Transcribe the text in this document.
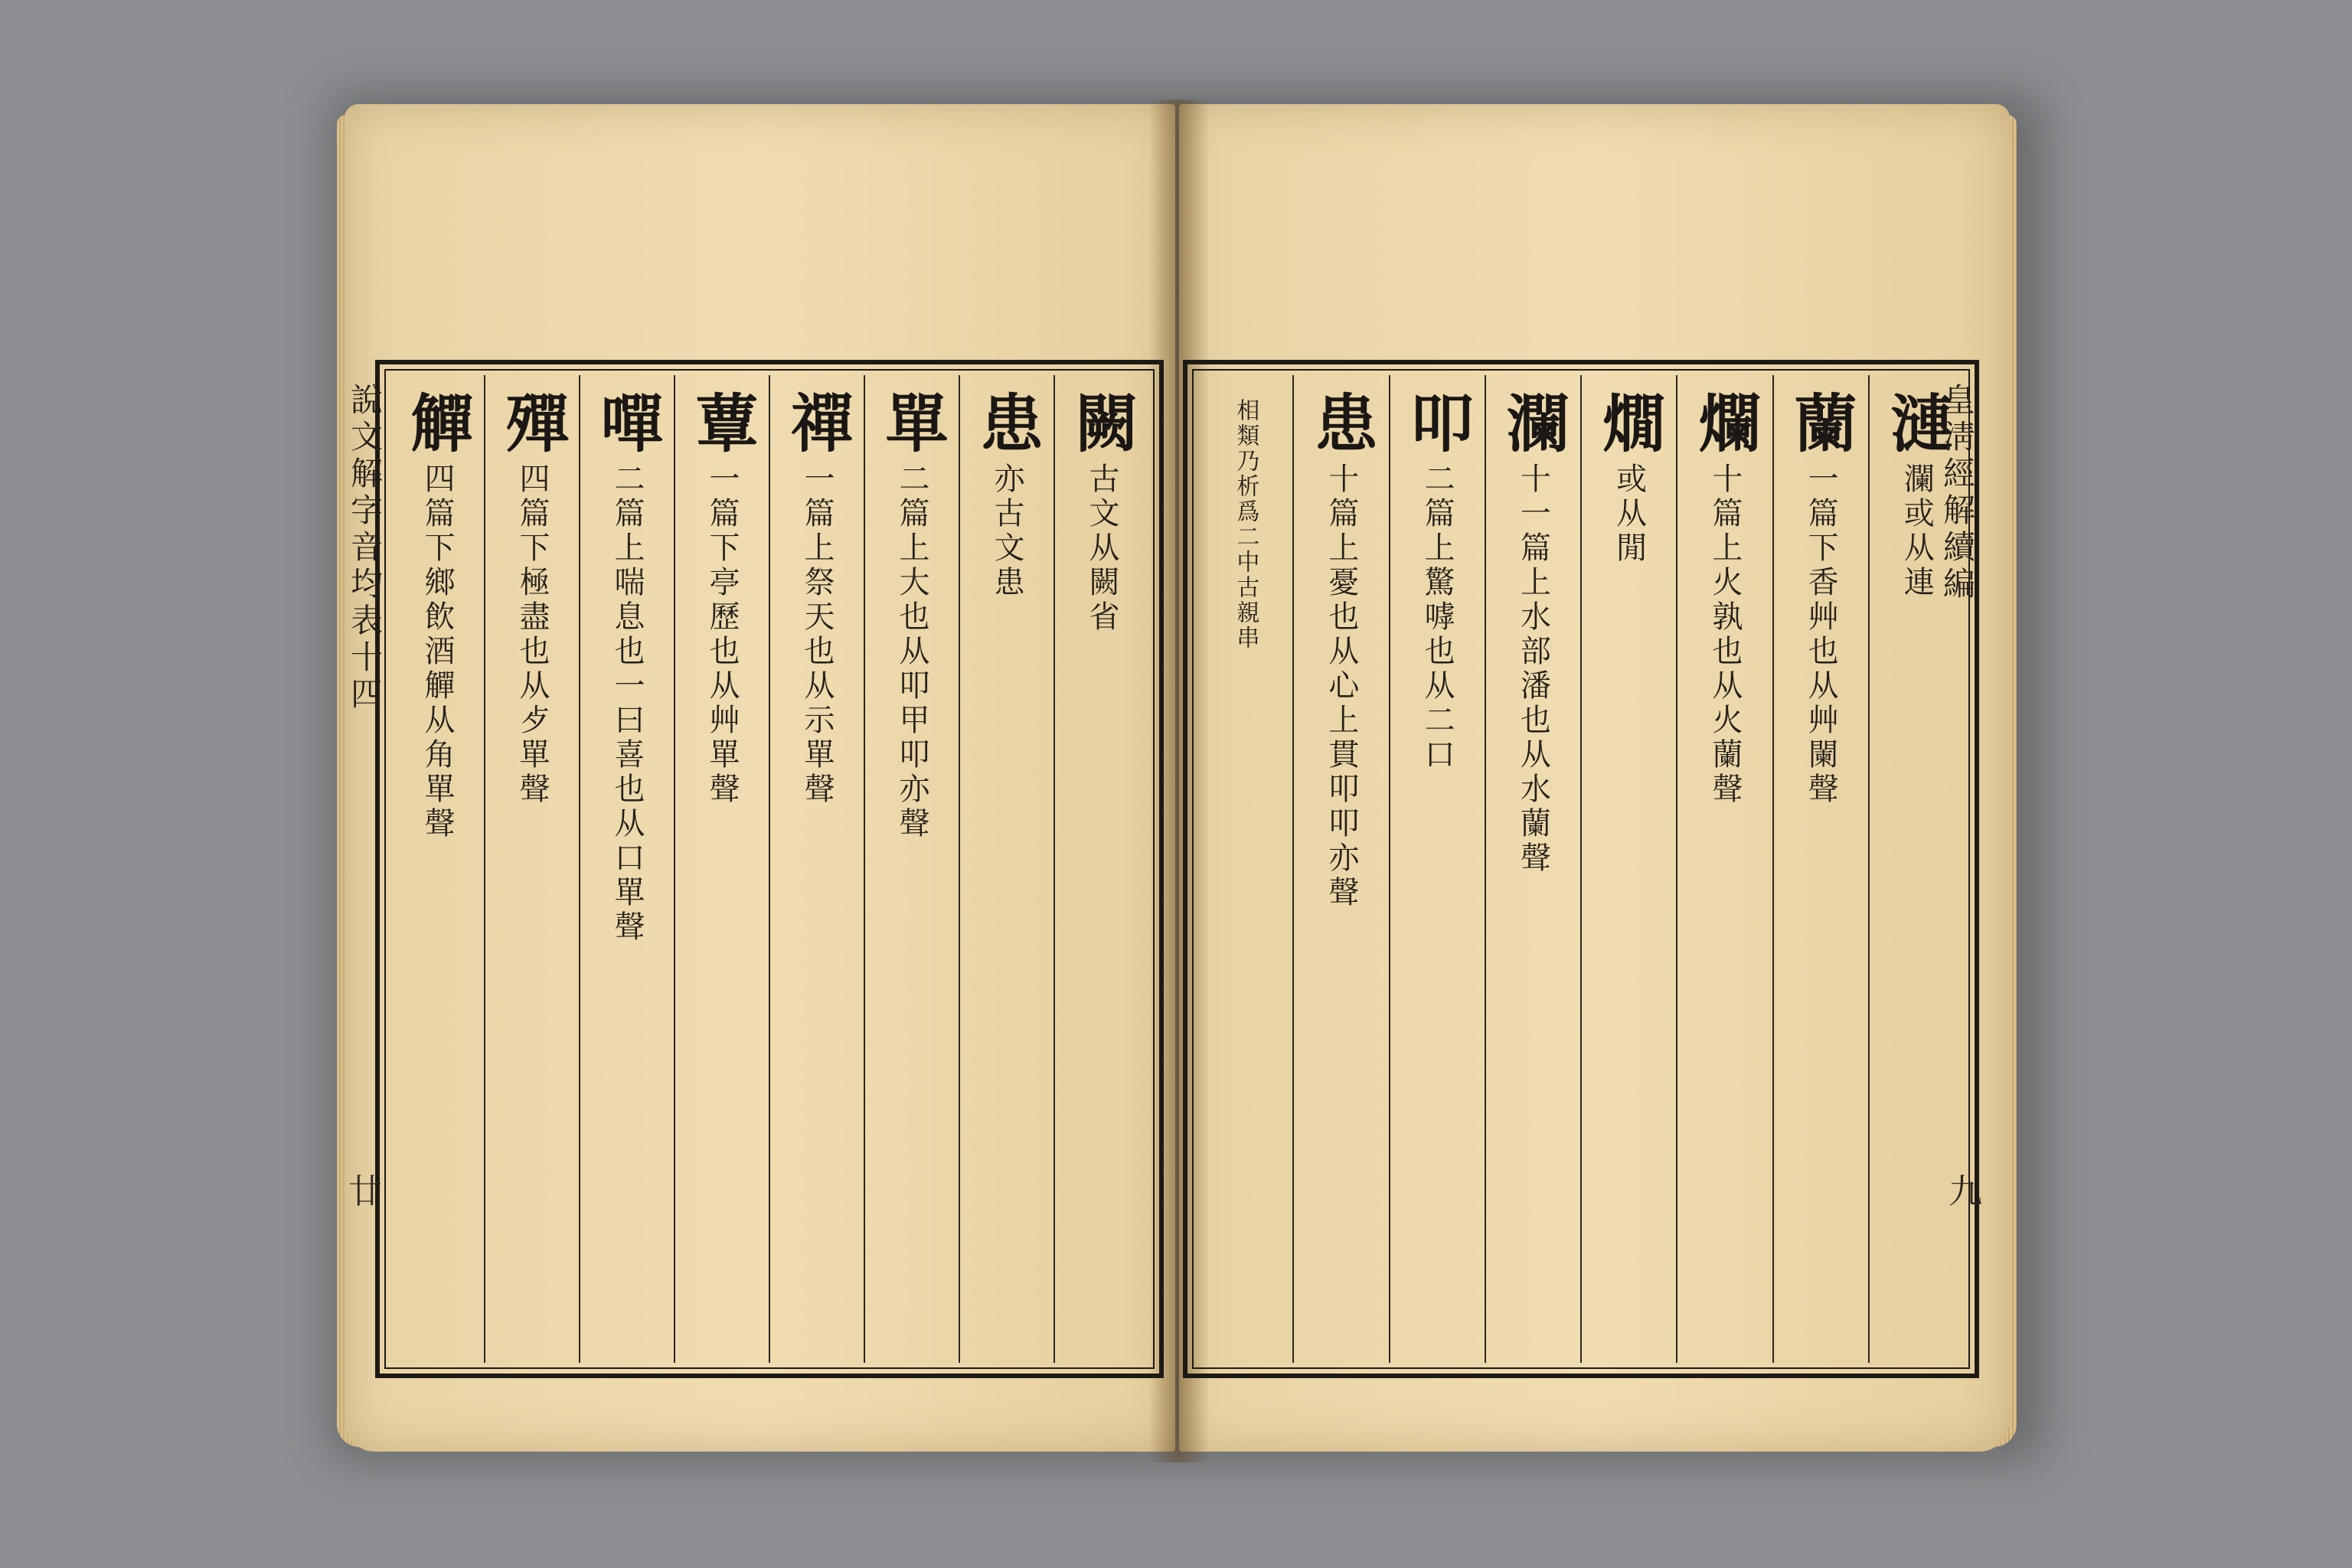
漣
瀾或从連
蘭
一篇下香艸也从艸闌聲
爛
十篇上火孰也从火蘭聲
燗
或从閒
瀾
十一篇上水部潘也从水蘭聲
叩
二篇上驚嘑也从二口
患
十篇上憂也从心上貫叩叩亦聲
相類乃析爲二中古親串
闕
古文从闕省
患
亦古文患
單
二篇上大也从叩甲叩亦聲
禪
一篇上祭天也从示單聲
蕈
一篇下亭歷也从艸單聲
嘽
二篇上喘息也一曰喜也从口單聲
殫
四篇下極盡也从歺單聲
觶
四篇下鄉飲酒觶从角單聲	皇淸經解續編
說文解字音均表十四
九
廿
